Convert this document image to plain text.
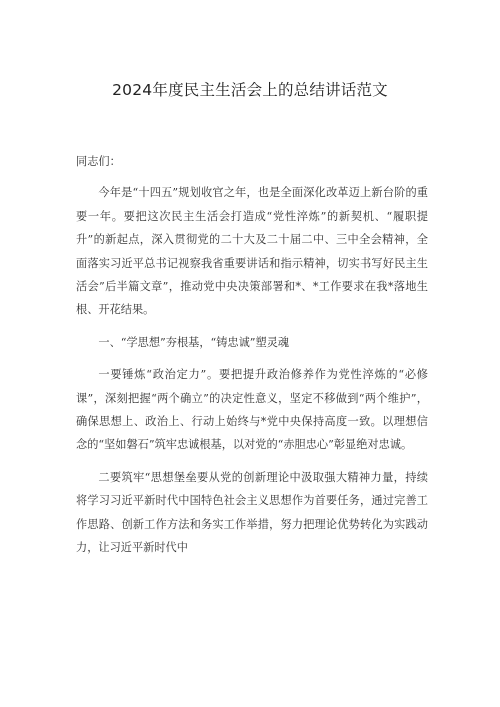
2024年度民主生活会上的总结讲话范文

同志们：

今年是“十四五”规划收官之年，也是全面深化改革迈上新台阶的重要一年。要把这次民主生活会打造成“党性淬炼”的新契机、“履职提升”的新起点，深入贯彻党的二十大及二十届二中、三中全会精神，全面落实习近平总书记视察我省重要讲话和指示精神，切实书写好民主生活会”后半篇文章”，推动党中央决策部署和*、*工作要求在我*落地生根、开花结果。

一、“学思想”夯根基，“铸忠诚”塑灵魂

一要锤炼“政治定力”。要把提升政治修养作为党性淬炼的“必修课”，深刻把握“两个确立”的决定性意义，坚定不移做到“两个维护”，确保思想上、政治上、行动上始终与*党中央保持高度一致。以理想信念的“坚如磐石”筑牢忠诚根基，以对党的“赤胆忠心”彰显绝对忠诚。

二要筑牢“思想堡垒要从党的创新理论中汲取强大精神力量，持续将学习习近平新时代中国特色社会主义思想作为首要任务，通过完善工作思路、创新工作方法和务实工作举措，努力把理论优势转化为实践动力，让习近平新时代中
